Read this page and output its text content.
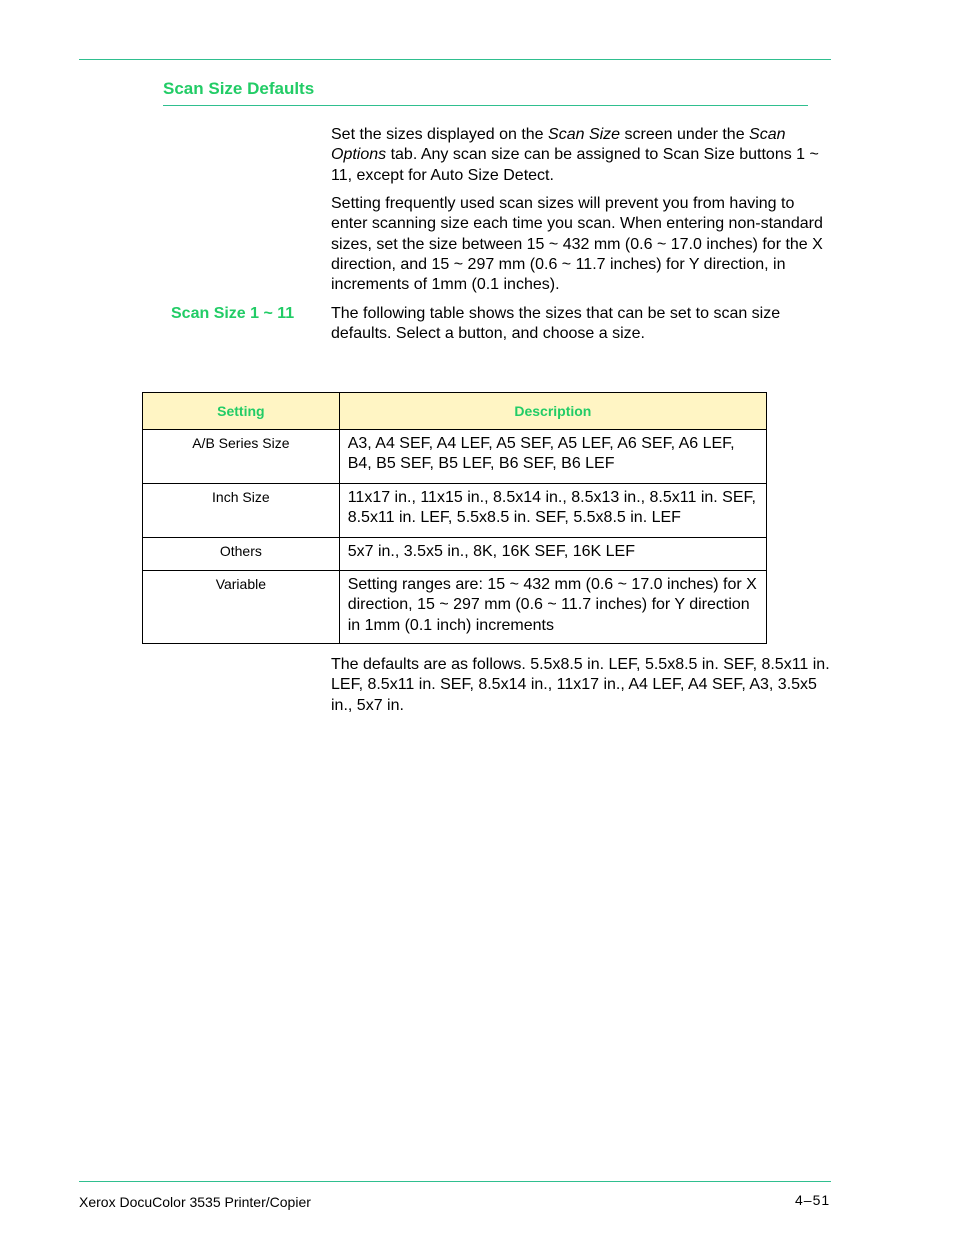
Scan Size Defaults

Set the sizes displayed on the Scan Size screen under the Scan Options tab. Any scan size can be assigned to Scan Size buttons 1 ~ 11, except for Auto Size Detect.

Setting frequently used scan sizes will prevent you from having to enter scanning size each time you scan. When entering non-standard sizes, set the size between 15 ~ 432 mm (0.6 ~ 17.0 inches) for the X direction, and 15 ~ 297 mm (0.6 ~ 11.7 inches) for Y direction, in increments of 1mm (0.1 inches).

Scan Size 1 ~ 11 The following table shows the sizes that can be set to scan size defaults. Select a button, and choose a size.

Setting	Description
A/B Series Size	A3, A4 SEF, A4 LEF, A5 SEF, A5 LEF, A6 SEF, A6 LEF, B4, B5 SEF, B5 LEF, B6 SEF, B6 LEF
Inch Size	11x17 in., 11x15 in., 8.5x14 in., 8.5x13 in., 8.5x11 in. SEF, 8.5x11 in. LEF, 5.5x8.5 in. SEF, 5.5x8.5 in. LEF
Others	5x7 in., 3.5x5 in., 8K, 16K SEF, 16K LEF
Variable	Setting ranges are: 15 ~ 432 mm (0.6 ~ 17.0 inches) for X direction, 15 ~ 297 mm (0.6 ~ 11.7 inches) for Y direction in 1mm (0.1 inch) increments

The defaults are as follows. 5.5x8.5 in. LEF, 5.5x8.5 in. SEF, 8.5x11 in. LEF, 8.5x11 in. SEF, 8.5x14 in., 11x17 in., A4 LEF, A4 SEF, A3, 3.5x5 in., 5x7 in.

Xerox DocuColor 3535 Printer/Copier	4–51
